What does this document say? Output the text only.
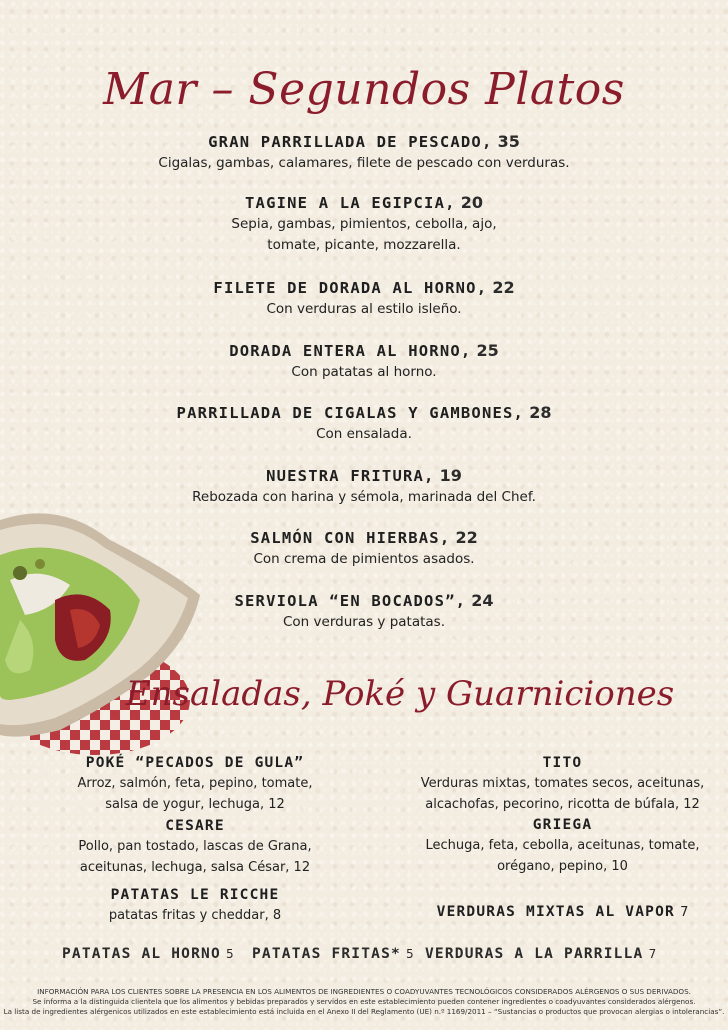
Mar – Segundos Platos
GRAN PARRILLADA DE PESCADO, 35
Cigalas, gambas, calamares, filete de pescado con verduras.
TAGINE A LA EGIPCIA, 20
Sepia, gambas, pimientos, cebolla, ajo,
tomate, picante, mozzarella.
FILETE DE DORADA AL HORNO, 22
Con verduras al estilo isleño.
DORADA ENTERA AL HORNO, 25
Con patatas al horno.
PARRILLADA DE CIGALAS Y GAMBONES, 28
Con ensalada.
NUESTRA FRITURA, 19
Rebozada con harina y sémola, marinada del Chef.
SALMÓN CON HIERBAS, 22
Con crema de pimientos asados.
SERVIOLA “EN BOCADOS”, 24
Con verduras y patatas.
Ensaladas, Poké y Guarniciones
POKÉ “PECADOS DE GULA”
Arroz, salmón, feta, pepino, tomate,
salsa de yogur, lechuga, 12
CESARE
Pollo, pan tostado, lascas de Grana,
aceitunas, lechuga, salsa César, 12
PATATAS LE RICCHE
patatas fritas y cheddar, 8
TITO
Verduras mixtas, tomates secos, aceitunas,
alcachofas, pecorino, ricotta de búfala, 12
GRIEGA
Lechuga, feta, cebolla, aceitunas, tomate,
orégano, pepino, 10
VERDURAS MIXTAS AL VAPOR 7
PATATAS AL HORNO 5 PATATAS FRITAS* 5 VERDURAS A LA PARRILLA 7
INFORMACIÓN PARA LOS CLIENTES SOBRE LA PRESENCIA EN LOS ALIMENTOS DE INGREDIENTES O COADYUVANTES TECNOLÓGICOS CONSIDERADOS ALÉRGENOS O SUS DERIVADOS.
Se informa a la distinguida clientela que los alimentos y bebidas preparados y servidos en este establecimiento pueden contener ingredientes o coadyuvantes considerados alérgenos.
La lista de ingredientes alérgenicos utilizados en este establecimiento está incluida en el Anexo II del Reglamento (UE) n.º 1169/2011 – “Sustancias o productos que provocan alergias o intolerancias”.
